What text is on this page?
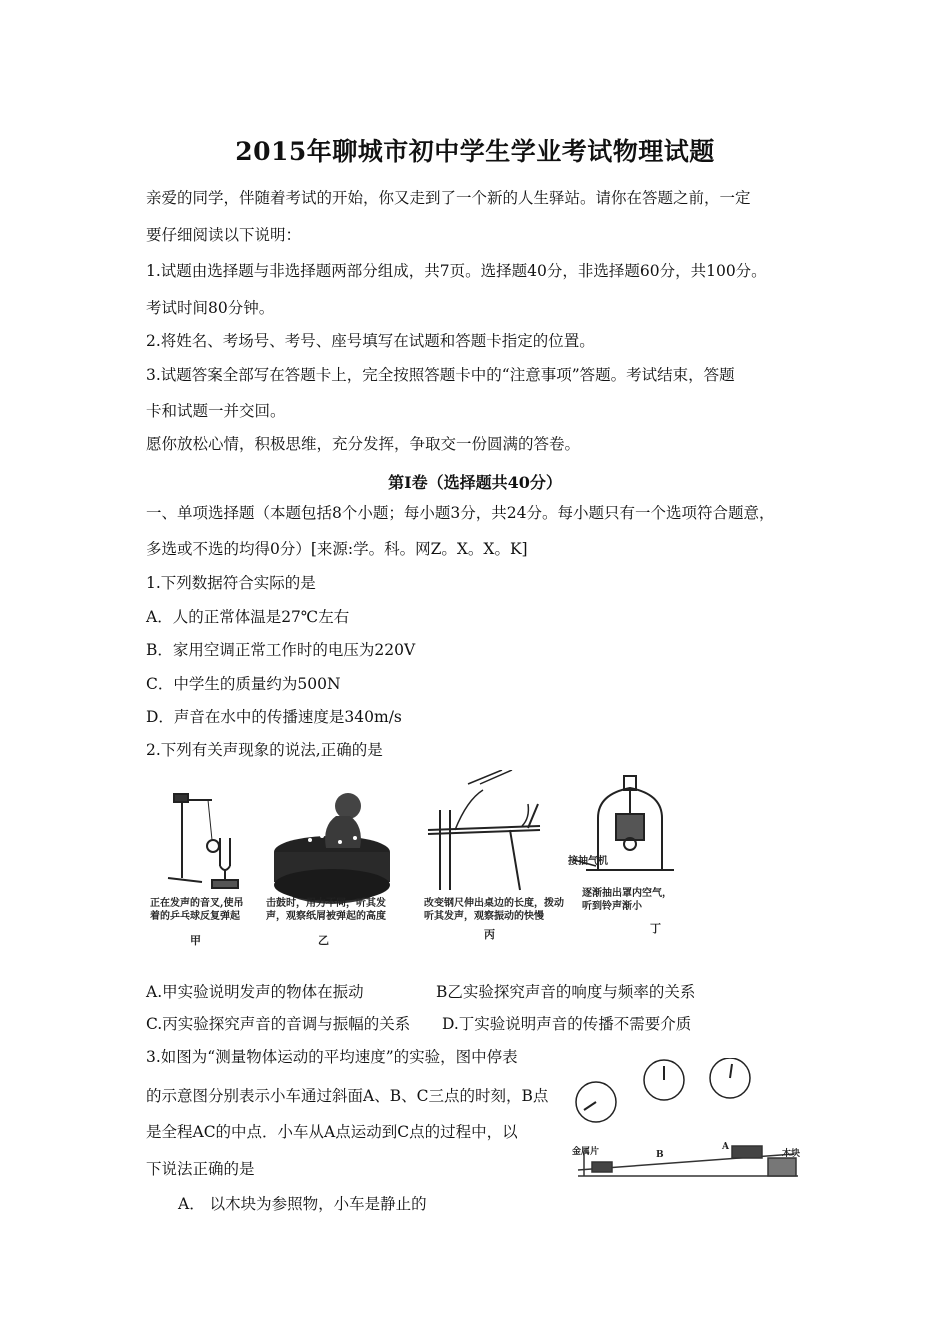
2015年聊城市初中学生学业考试物理试题
亲爱的同学，伴随着考试的开始，你又走到了一个新的人生驿站。请你在答题之前，一定
要仔细阅读以下说明：
1.试题由选择题与非选择题两部分组成，共7页。选择题40分，非选择题60分，共100分。
考试时间80分钟。
2.将姓名、考场号、考号、座号填写在试题和答题卡指定的位置。
3.试题答案全部写在答题卡上，完全按照答题卡中的“注意事项”答题。考试结束，答题
卡和试题一并交回。
愿你放松心情，积极思维，充分发挥，争取交一份圆满的答卷。
第Ⅰ卷（选择题共40分）
一、单项选择题（本题包括8个小题；每小题3分，共24分。每小题只有一个选项符合题意，
多选或不选的均得0分）[来源:学。科。网Z。X。X。K]
1.下列数据符合实际的是
A．人的正常体温是27℃左右
B．家用空调正常工作时的电压为220V
C．中学生的质量约为500N
D．声音在水中的传播速度是340m/s
2.下列有关声现象的说法,正确的是
接抽气机
正在发声的音叉,使吊
着的乒乓球反复弹起
击鼓时，用力不同，听其发
声，观察纸屑被弹起的高度
改变钢尺伸出桌边的长度，拨动
听其发声，观察振动的快慢
逐渐抽出罩内空气，
听到铃声渐小
甲	乙	丙	丁
A.甲实验说明发声的物体在振动	B乙实验探究声音的响度与频率的关系
C.丙实验探究声音的音调与振幅的关系 D.丁实验说明声音的传播不需要介质
3.如图为“测量物体运动的平均速度”的实验，图中停表
的示意图分别表示小车通过斜面A、B、C三点的时刻，B点
是全程AC的中点．小车从A点运动到C点的过程中，以
下说法正确的是
A． 以木块为参照物，小车是静止的
金属片	B
A
木块
